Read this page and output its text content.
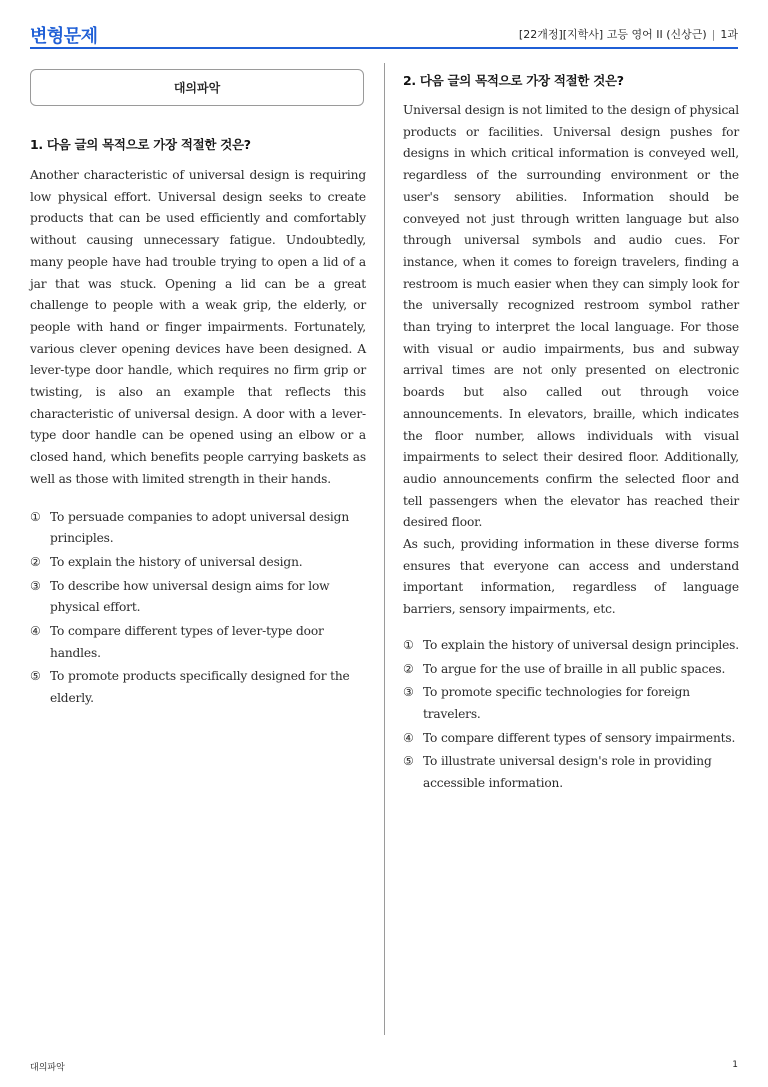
변형문제	[22개정][지학사] 고등 영어 II (신상근) | 1과
대의파악
1. 다음 글의 목적으로 가장 적절한 것은?

Another characteristic of universal design is requiring low physical effort. Universal design seeks to create products that can be used efficiently and comfortably without causing unnecessary fatigue. Undoubtedly, many people have had trouble trying to open a lid of a jar that was stuck. Opening a lid can be a great challenge to people with a weak grip, the elderly, or people with hand or finger impairments. Fortunately, various clever opening devices have been designed. A lever-type door handle, which requires no firm grip or twisting, is also an example that reflects this characteristic of universal design. A door with a lever-type door handle can be opened using an elbow or a closed hand, which benefits people carrying baskets as well as those with limited strength in their hands.

① To persuade companies to adopt universal design principles.
② To explain the history of universal design.
③ To describe how universal design aims for low physical effort.
④ To compare different types of lever-type door handles.
⑤ To promote products specifically designed for the elderly.
2. 다음 글의 목적으로 가장 적절한 것은?

Universal design is not limited to the design of physical products or facilities. Universal design pushes for designs in which critical information is conveyed well, regardless of the surrounding environment or the user's sensory abilities. Information should be conveyed not just through written language but also through universal symbols and audio cues. For instance, when it comes to foreign travelers, finding a restroom is much easier when they can simply look for the universally recognized restroom symbol rather than trying to interpret the local language. For those with visual or audio impairments, bus and subway arrival times are not only presented on electronic boards but also called out through voice announcements. In elevators, braille, which indicates the floor number, allows individuals with visual impairments to select their desired floor. Additionally, audio announcements confirm the selected floor and tell passengers when the elevator has reached their desired floor.

As such, providing information in these diverse forms ensures that everyone can access and understand important information, regardless of language barriers, sensory impairments, etc.

① To explain the history of universal design principles.
② To argue for the use of braille in all public spaces.
③ To promote specific technologies for foreign travelers.
④ To compare different types of sensory impairments.
⑤ To illustrate universal design's role in providing accessible information.
대의파악	1
